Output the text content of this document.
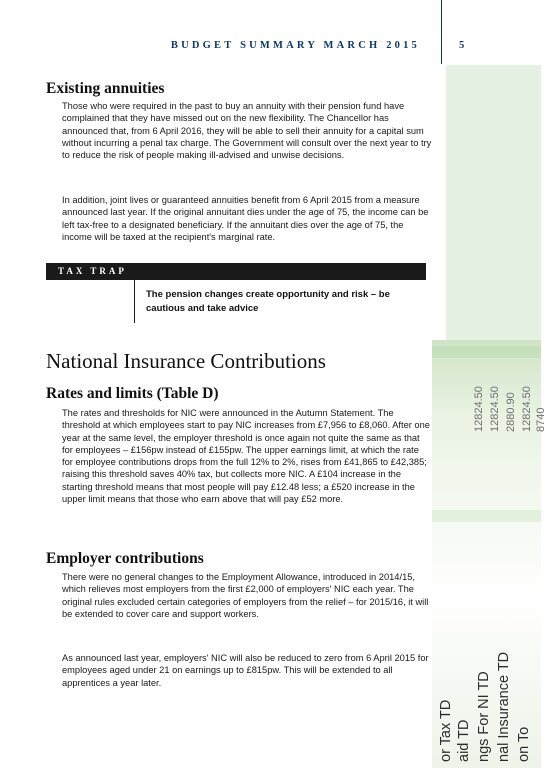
BUDGET SUMMARY MARCH 2015	5
12824.50 12824.50 2880.90 12824.50 8740
or Tax TD aid TD ngs For NI TD nal Insurance TD on To
Existing annuities

Those who were required in the past to buy an annuity with their pension fund have complained that they have missed out on the new flexibility. The Chancellor has announced that, from 6 April 2016, they will be able to sell their annuity for a capital sum without incurring a penal tax charge. The Government will consult over the next year to try to reduce the risk of people making ill-advised and unwise decisions.

In addition, joint lives or guaranteed annuities benefit from 6 April 2015 from a measure announced last year. If the original annuitant dies under the age of 75, the income can be left tax-free to a designated beneficiary. If the annuitant dies over the age of 75, the income will be taxed at the recipient's marginal rate.

TAX TRAP

The pension changes create opportunity and risk – be cautious and take advice

National Insurance Contributions
Rates and limits (Table D)

The rates and thresholds for NIC were announced in the Autumn Statement. The threshold at which employees start to pay NIC increases from £7,956 to £8,060. After one year at the same level, the employer threshold is once again not quite the same as that for employees – £156pw instead of £155pw. The upper earnings limit, at which the rate for employee contributions drops from the full 12% to 2%, rises from £41,865 to £42,385; raising this threshold saves 40% tax, but collects more NIC. A £104 increase in the starting threshold means that most people will pay £12.48 less; a £520 increase in the upper limit means that those who earn above that will pay £52 more.

Employer contributions

There were no general changes to the Employment Allowance, introduced in 2014/15, which relieves most employers from the first £2,000 of employers' NIC each year. The original rules excluded certain categories of employers from the relief – for 2015/16, it will be extended to cover care and support workers.

As announced last year, employers' NIC will also be reduced to zero from 6 April 2015 for employees aged under 21 on earnings up to £815pw. This will be extended to all apprentices a year later.
